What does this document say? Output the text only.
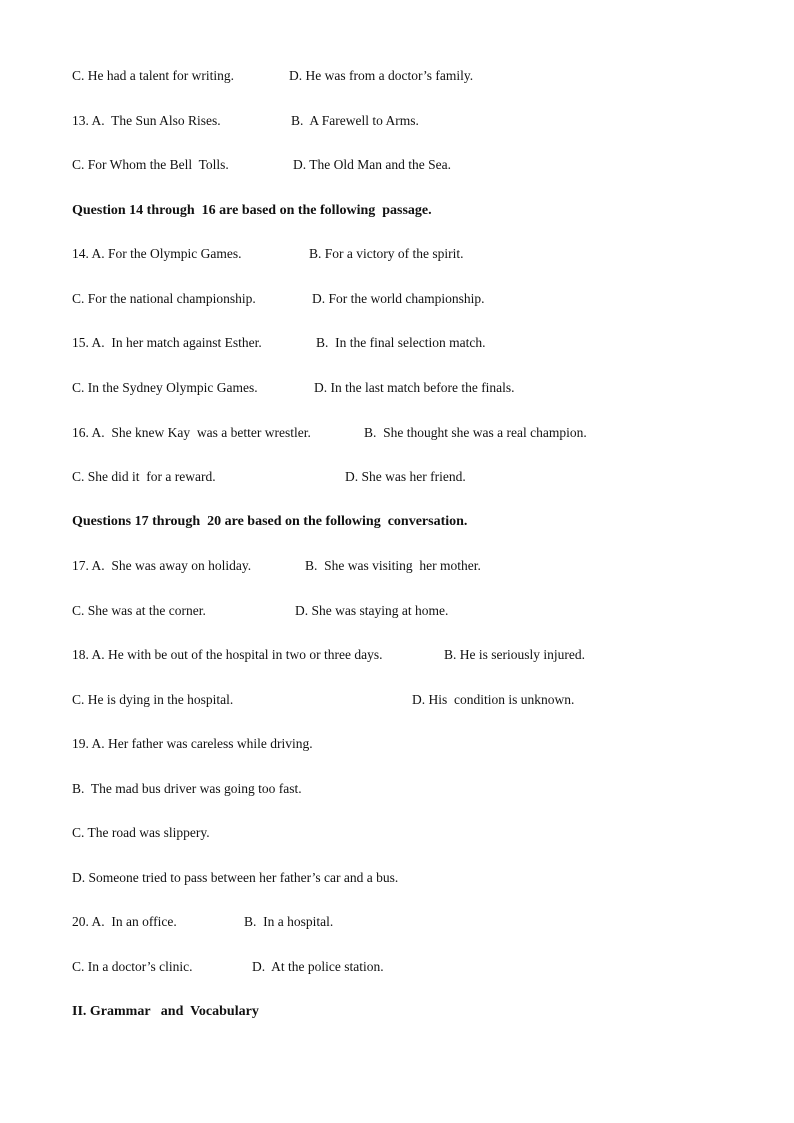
C. He had a talent for writing.

	D. He was from a doctor’s family.

13. A.  The Sun Also Rises.

	B.  A Farewell to Arms.

C. For Whom the Bell  Tolls.

	D. The Old Man and the Sea.

Question 14 through  16 are based on the following  passage.

14. A. For the Olympic Games.

	B. For a victory of the spirit.

C. For the national championship.

	D. For the world championship.

15. A.  In her match against Esther.

	B.  In the final selection match.

C. In the Sydney Olympic Games.

	D. In the last match before the finals.

16. A.  She knew Kay  was a better wrestler.

	B.  She thought she was a real champion.

C. She did it  for a reward.

	D. She was her friend.

Questions 17 through  20 are based on the following  conversation.

17. A.  She was away on holiday.

	B.  She was visiting  her mother.

C. She was at the corner.

	D. She was staying at home.

18. A. He with be out of the hospital in two or three days.

	B. He is seriously injured.

C. He is dying in the hospital.

	D. His  condition is unknown.

19. A. Her father was careless while driving.

B.  The mad bus driver was going too fast.

C. The road was slippery.

D. Someone tried to pass between her father’s car and a bus.

20. A.  In an office.

	B.  In a hospital.

C. In a doctor’s clinic.

	D.  At the police station.

II. Grammar   and  Vocabulary
